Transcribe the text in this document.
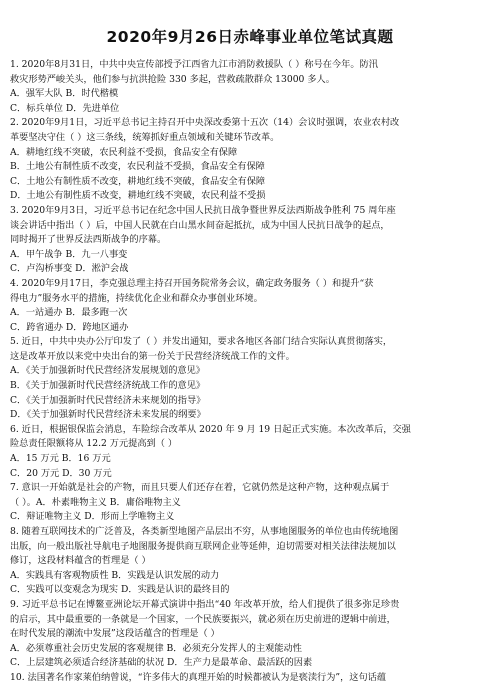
2020年9月26日赤峰事业单位笔试真题
1. 2020年8月31日，中共中央宣传部授予江西省九江市消防救援队（ ）称号在今年。防汛
救灾形势严峻关头，他们参与抗洪抢险 330 多起，营救疏散群众 13000 多人。
A．强军大队 B．时代楷模
C．标兵单位 D．先进单位
2. 2020年9月1日，习近平总书记主持召开中央深改委第十五次（14）会议时强调，农业农村改
革要坚决守住（ ）这三条线，统筹抓好重点领域和关键环节改革。
A．耕地红线不突破，农民利益不受损，食品安全有保障
B．土地公有制性质不改变，农民利益不受损，食品安全有保障
C．土地公有制性质不改变，耕地红线不突破，食品安全有保障
D．土地公有制性质不改变，耕地红线不突破，农民利益不受损
3. 2020年9月3日，习近平总书记在纪念中国人民抗日战争暨世界反法西斯战争胜利 75 周年座
谈会讲话中指出（ ）后，中国人民就在白山黑水间奋起抵抗，成为中国人民抗日战争的起点，
同时揭开了世界反法西斯战争的序幕。
A．甲午战争 B．九一八事变
C．卢沟桥事变 D．淞沪会战
4. 2020年9月17日，李克强总理主持召开国务院常务会议，确定政务服务（ ）和提升“获
得电力”服务水平的措施，持续优化企业和群众办事创业环境。
A．一站通办 B．最多跑一次
C．跨省通办 D．跨地区通办
5. 近日，中共中央办公厅印发了（ ）并发出通知，要求各地区各部门结合实际认真贯彻落实，
这是改革开放以来党中央出台的第一份关于民营经济统战工作的文件。
A．《关于加强新时代民营经济发展规划的意见》
B．《关于加强新时代民营经济统战工作的意见》
C．《关于加强新时代民营经济未来规划的指导》
D．《关于加强新时代民营经济未来发展的纲要》
6. 近日，根据银保监会消息，车险综合改革从 2020 年 9 月 19 日起正式实施。本次改革后，交强
险总责任限额将从 12.2 万元提高到（ ）
A．15 万元 B．16 万元
C．20 万元 D．30 万元
7. 意识一开始就是社会的产物，而且只要人们还存在着，它就仍然是这种产物，这种观点属于
（ ）。A．朴素唯物主义 B．庸俗唯物主义
C．辩证唯物主义 D．形而上学唯物主义
8. 随着互联网技术的广泛普及，各类新型地图产品层出不穷，从事地图服务的单位也由传统地图
出版，向一般出版社导航电子地图服务提供商互联网企业等延伸，迫切需要对相关法律法规加以
修订，这段材料蕴含的哲理是（ ）
A．实践具有客观物质性 B．实践是认识发展的动力
C．实践可以变观念为现实 D．实践是认识的最终目的
9. 习近平总书记在博鳌亚洲论坛开幕式演讲中指出“40 年改革开放，给人们提供了很多弥足珍贵
的启示，其中最重要的一条就是一个国家，一个民族要振兴，就必须在历史前进的逻辑中前进，
在时代发展的潮流中发展”这段话蕴含的哲理是（ ）
A．必须尊重社会历史发展的客观规律 B．必须充分发挥人的主观能动性
C．上层建筑必须适合经济基础的状况 D．生产力是最革命、最活跃的因素
10. 法国著名作家莱伯纳曾说，“许多伟大的真理开始的时候都被认为是亵渎行为”，这句话蕴
